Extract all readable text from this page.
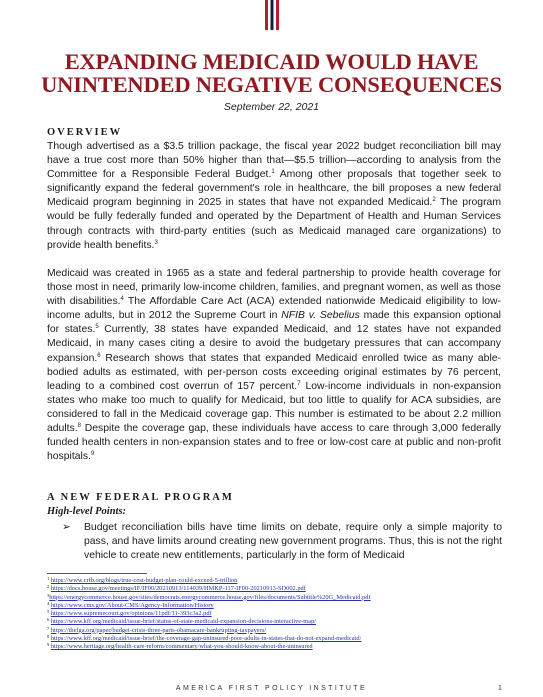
EXPANDING MEDICAID WOULD HAVE
UNINTENDED NEGATIVE CONSEQUENCES
September 22, 2021
OVERVIEW
Though advertised as a $3.5 trillion package, the fiscal year 2022 budget reconciliation bill may have a true cost more than 50% higher than that—$5.5 trillion—according to analysis from the Committee for a Responsible Federal Budget.$^1$ Among other proposals that together seek to significantly expand the federal government's role in healthcare, the bill proposes a new federal Medicaid program beginning in 2025 in states that have not expanded Medicaid.$^2$ The program would be fully federally funded and operated by the Department of Health and Human Services through contracts with third-party entities (such as Medicaid managed care organizations) to provide health benefits.$^3$
Medicaid was created in 1965 as a state and federal partnership to provide health coverage for those most in need, primarily low-income children, families, and pregnant women, as well as those with disabilities.$^4$ The Affordable Care Act (ACA) extended nationwide Medicaid eligibility to low-income adults, but in 2012 the Supreme Court in NFIB v. Sebelius made this expansion optional for states.$^5$ Currently, 38 states have expanded Medicaid, and 12 states have not expanded Medicaid, in many cases citing a desire to avoid the budgetary pressures that can accompany expansion.$^6$ Research shows that states that expanded Medicaid enrolled twice as many able-bodied adults as estimated, with per-person costs exceeding original estimates by 76 percent, leading to a combined cost overrun of 157 percent.$^7$ Low-income individuals in non-expansion states who make too much to qualify for Medicaid, but too little to qualify for ACA subsidies, are considered to fall in the Medicaid coverage gap. This number is estimated to be about 2.2 million adults.$^8$ Despite the coverage gap, these individuals have access to care through 3,000 federally funded health centers in non-expansion states and to free or low-cost care at public and non-profit hospitals.$^9$
A NEW FEDERAL PROGRAM
High-level Points:
➢	Budget reconciliation bills have time limits on debate, require only a simple majority to pass, and have limits around creating new government programs. Thus, this is not the right vehicle to create new entitlements, particularly in the form of Medicaid
$^1$ https://www.crfb.org/blogs/true-cost-budget-plan-could-exceed-5-trillion
$^2$ https://docs.house.gov/meetings/IF/IF00/20210913/114039/HMKP-117-IF00-20210913-SD002.pdf
$^3$https://energycommerce.house.gov/sites/democrats.energycommerce.house.gov/files/documents/Subtitle%20G_Medicaid.pdf
$^4$ https://www.cms.gov/About-CMS/Agency-Information/History
$^5$ https://www.supremecourt.gov/opinions/11pdf/11-393c3a2.pdf
$^6$ https://www.kff.org/medicaid/issue-brief/status-of-state-medicaid-expansion-decisions-interactive-map/
$^7$ https://thefga.org/paper/budget-crisis-three-parts-obamacare-bankrupting-taxpayers/
$^8$ https://www.kff.org/medicaid/issue-brief/the-coverage-gap-uninsured-poor-adults-in-states-that-do-not-expand-medicaid/
$^9$ https://www.heritage.org/health-care-reform/commentary/what-you-should-know-about-the-uninsured
AMERICA FIRST POLICY INSTITUTE	1
